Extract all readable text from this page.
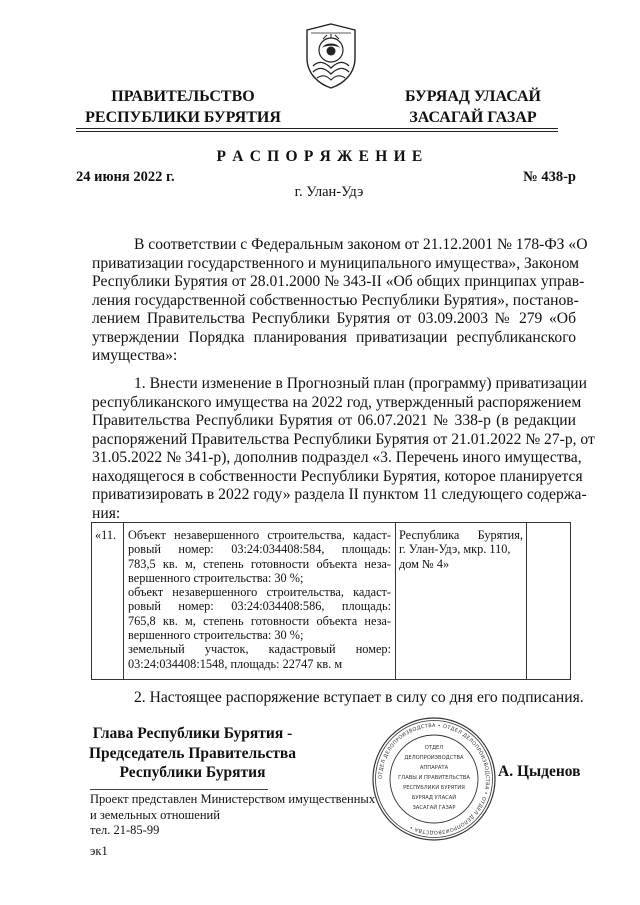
ПРАВИТЕЛЬСТВО
РЕСПУБЛИКИ БУРЯТИЯ
БУРЯАД УЛАСАЙ
ЗАСАГАЙ ГАЗАР
Р А С П О Р Я Ж Е Н И Е
24 июня 2022 г.	№ 438-р
г. Улан-Удэ

В соответствии с Федеральным законом от 21.12.2001 № 178-ФЗ «О

приватизации государственного и муниципального имущества», Законом

Республики Бурятия от 28.01.2000 № 343-II «Об общих принципах управ-

ления государственной собственностью Республики Бурятия», постанов-

лением Правительства Республики Бурятия от 03.09.2003 № 279 «Об

утверждении Порядка планирования приватизации республиканского

имущества»:

1. Внести изменение в Прогнозный план (программу) приватизации

республиканского имущества на 2022 год, утвержденный распоряжением

Правительства Республики Бурятия от 06.07.2021 № 338-р (в редакции

распоряжений Правительства Республики Бурятия от 21.01.2022 № 27-р, от

31.05.2022 № 341-р), дополнив подраздел «3. Перечень иного имущества,

находящегося в собственности Республики Бурятия, которое планируется

приватизировать в 2022 году» раздела II пунктом 11 следующего содержа-

ния:

«11. Объект незавершенного строительства, кадаст-
ровый номер: 03:24:034408:584, площадь:
783,5 кв. м, степень готовности объекта неза-
вершенного строительства: 30 %;
объект незавершенного строительства, кадаст-
ровый номер: 03:24:034408:586, площадь:
765,8 кв. м, степень готовности объекта неза-
вершенного строительства: 30 %;
земельный участок, кадастровый номер:
03:24:034408:1548, площадь: 22747 кв. м
Республика Бурятия,
г. Улан-Удэ, мкр. 110,
дом № 4»
2. Настоящее распоряжение вступает в силу со дня его подписания.
Глава Республики Бурятия -
Председатель Правительства
Республики Бурятия	ОТДЕЛ ДЕЛОПРОИЗВОДСТВА • ОТДЕЛ ДЕЛОПРОИЗВОДСТВА • ОТДЕЛ ДЕЛОПРОИЗВОДСТВА •
ОТДЕЛ
ДЕЛОПРОИЗВОДСТВА
АППАРАТА
ГЛАВЫ И ПРАВИТЕЛЬСТВА
РЕСПУБЛИКИ БУРЯТИЯ
БУРЯАД УЛАСАЙ
ЗАСАГАЙ ГАЗАР
А. Цыденов
Проект представлен Министерством имущественных
и земельных отношений
тел. 21-85-99
эк1
